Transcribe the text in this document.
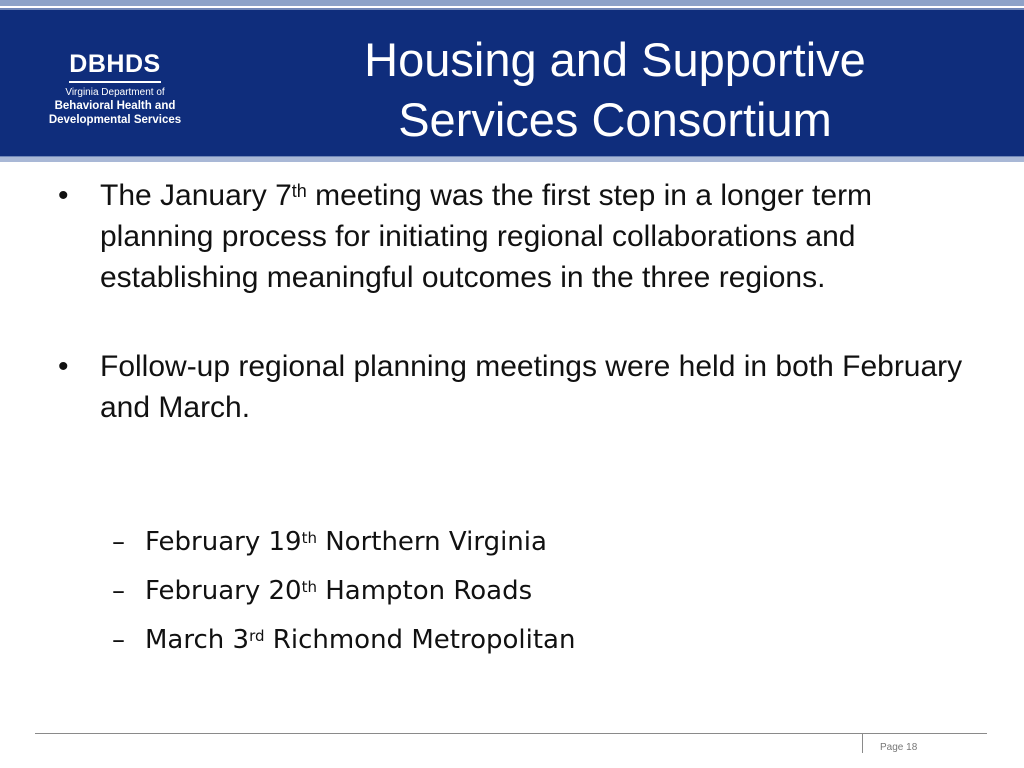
DBHDS
Virginia Department of
Behavioral Health and
Developmental Services
Housing and Supportive
Services Consortium
• The January 7th meeting was the first step in a longer term planning process for initiating regional collaborations and establishing meaningful outcomes in the three regions.
• Follow-up regional planning meetings were held in both February and March.
– February 19th Northern Virginia
– February 20th Hampton Roads
– March 3rd Richmond Metropolitan
Page 18
